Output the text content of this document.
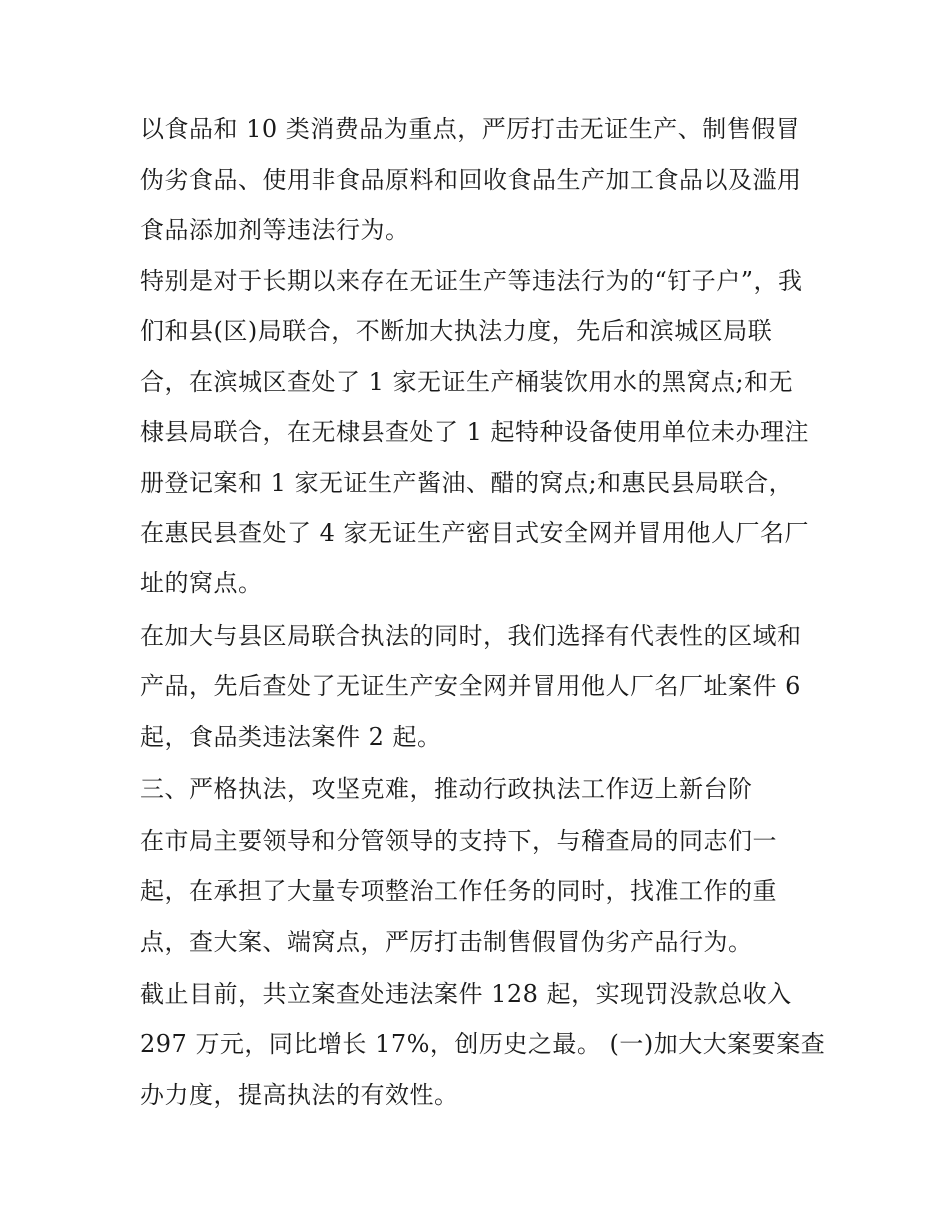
以食品和 10 类消费品为重点，严厉打击无证生产、制售假冒

伪劣食品、使用非食品原料和回收食品生产加工食品以及滥用

食品添加剂等违法行为。

特别是对于长期以来存在无证生产等违法行为的“钉子户”，我

们和县(区)局联合，不断加大执法力度，先后和滨城区局联

合，在滨城区查处了 1 家无证生产桶装饮用水的黑窝点;和无

棣县局联合，在无棣县查处了 1 起特种设备使用单位未办理注

册登记案和 1 家无证生产酱油、醋的窝点;和惠民县局联合，

在惠民县查处了 4 家无证生产密目式安全网并冒用他人厂名厂

址的窝点。

在加大与县区局联合执法的同时，我们选择有代表性的区域和

产品，先后查处了无证生产安全网并冒用他人厂名厂址案件 6

起，食品类违法案件 2 起。

三、严格执法，攻坚克难，推动行政执法工作迈上新台阶

在市局主要领导和分管领导的支持下，与稽查局的同志们一

起，在承担了大量专项整治工作任务的同时，找准工作的重

点，查大案、端窝点，严厉打击制售假冒伪劣产品行为。

截止目前，共立案查处违法案件 128 起，实现罚没款总收入

297 万元，同比增长 17%，创历史之最。 (一)加大大案要案查

办力度，提高执法的有效性。
